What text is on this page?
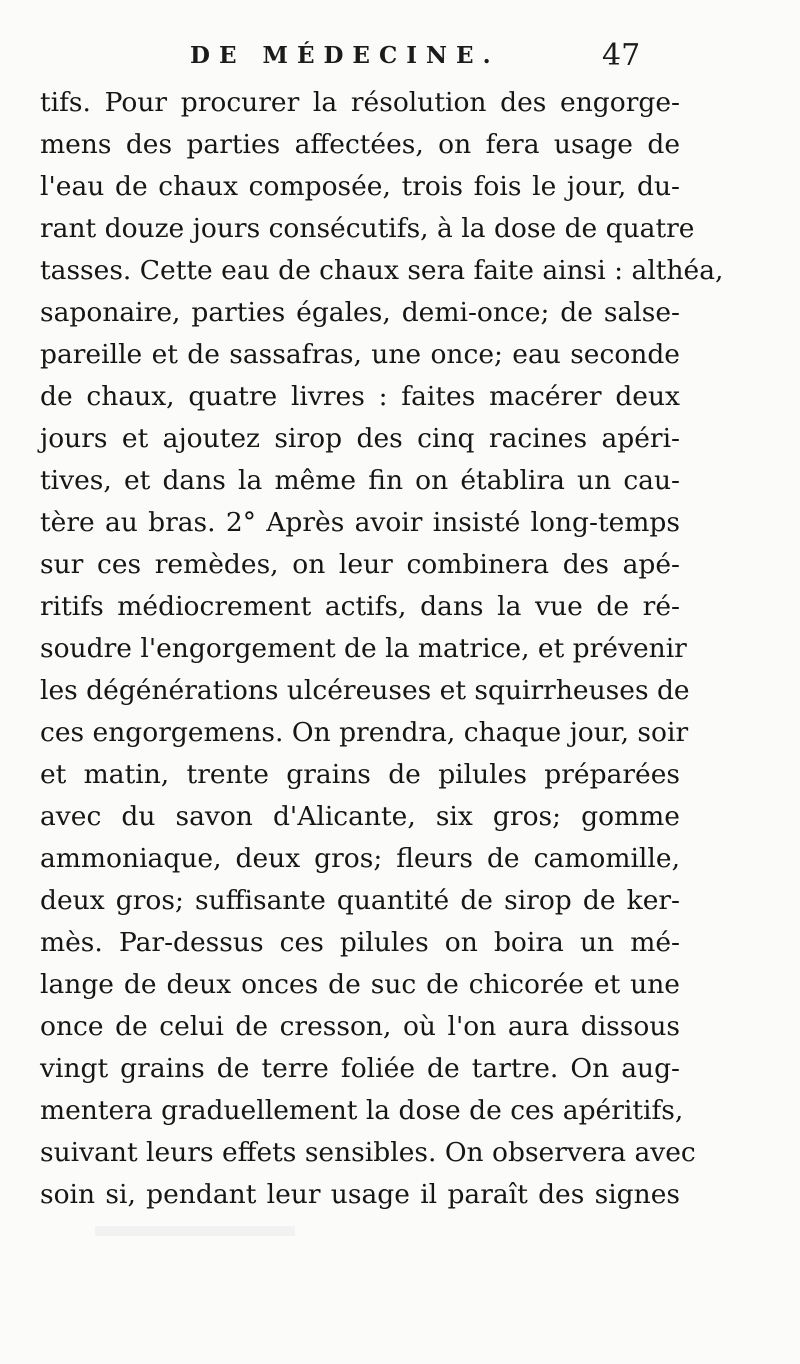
DE MÉDECINE.	47
tifs. Pour procurer la résolution des engorge-
mens des parties affectées, on fera usage de
l'eau de chaux composée, trois fois le jour, du-
rant douze jours consécutifs, à la dose de quatre
tasses. Cette eau de chaux sera faite ainsi : althéa,
saponaire, parties égales, demi-once; de salse-
pareille et de sassafras, une once; eau seconde
de chaux, quatre livres : faites macérer deux
jours et ajoutez sirop des cinq racines apéri-
tives, et dans la même fin on établira un cau-
tère au bras. 2° Après avoir insisté long-temps
sur ces remèdes, on leur combinera des apé-
ritifs médiocrement actifs, dans la vue de ré-
soudre l'engorgement de la matrice, et prévenir
les dégénérations ulcéreuses et squirrheuses de
ces engorgemens. On prendra, chaque jour, soir
et matin, trente grains de pilules préparées
avec du savon d'Alicante, six gros; gomme
ammoniaque, deux gros; fleurs de camomille,
deux gros; suffisante quantité de sirop de ker-
mès. Par-dessus ces pilules on boira un mé-
lange de deux onces de suc de chicorée et une
once de celui de cresson, où l'on aura dissous
vingt grains de terre foliée de tartre. On aug-
mentera graduellement la dose de ces apéritifs,
suivant leurs effets sensibles. On observera avec
soin si, pendant leur usage il paraît des signes
